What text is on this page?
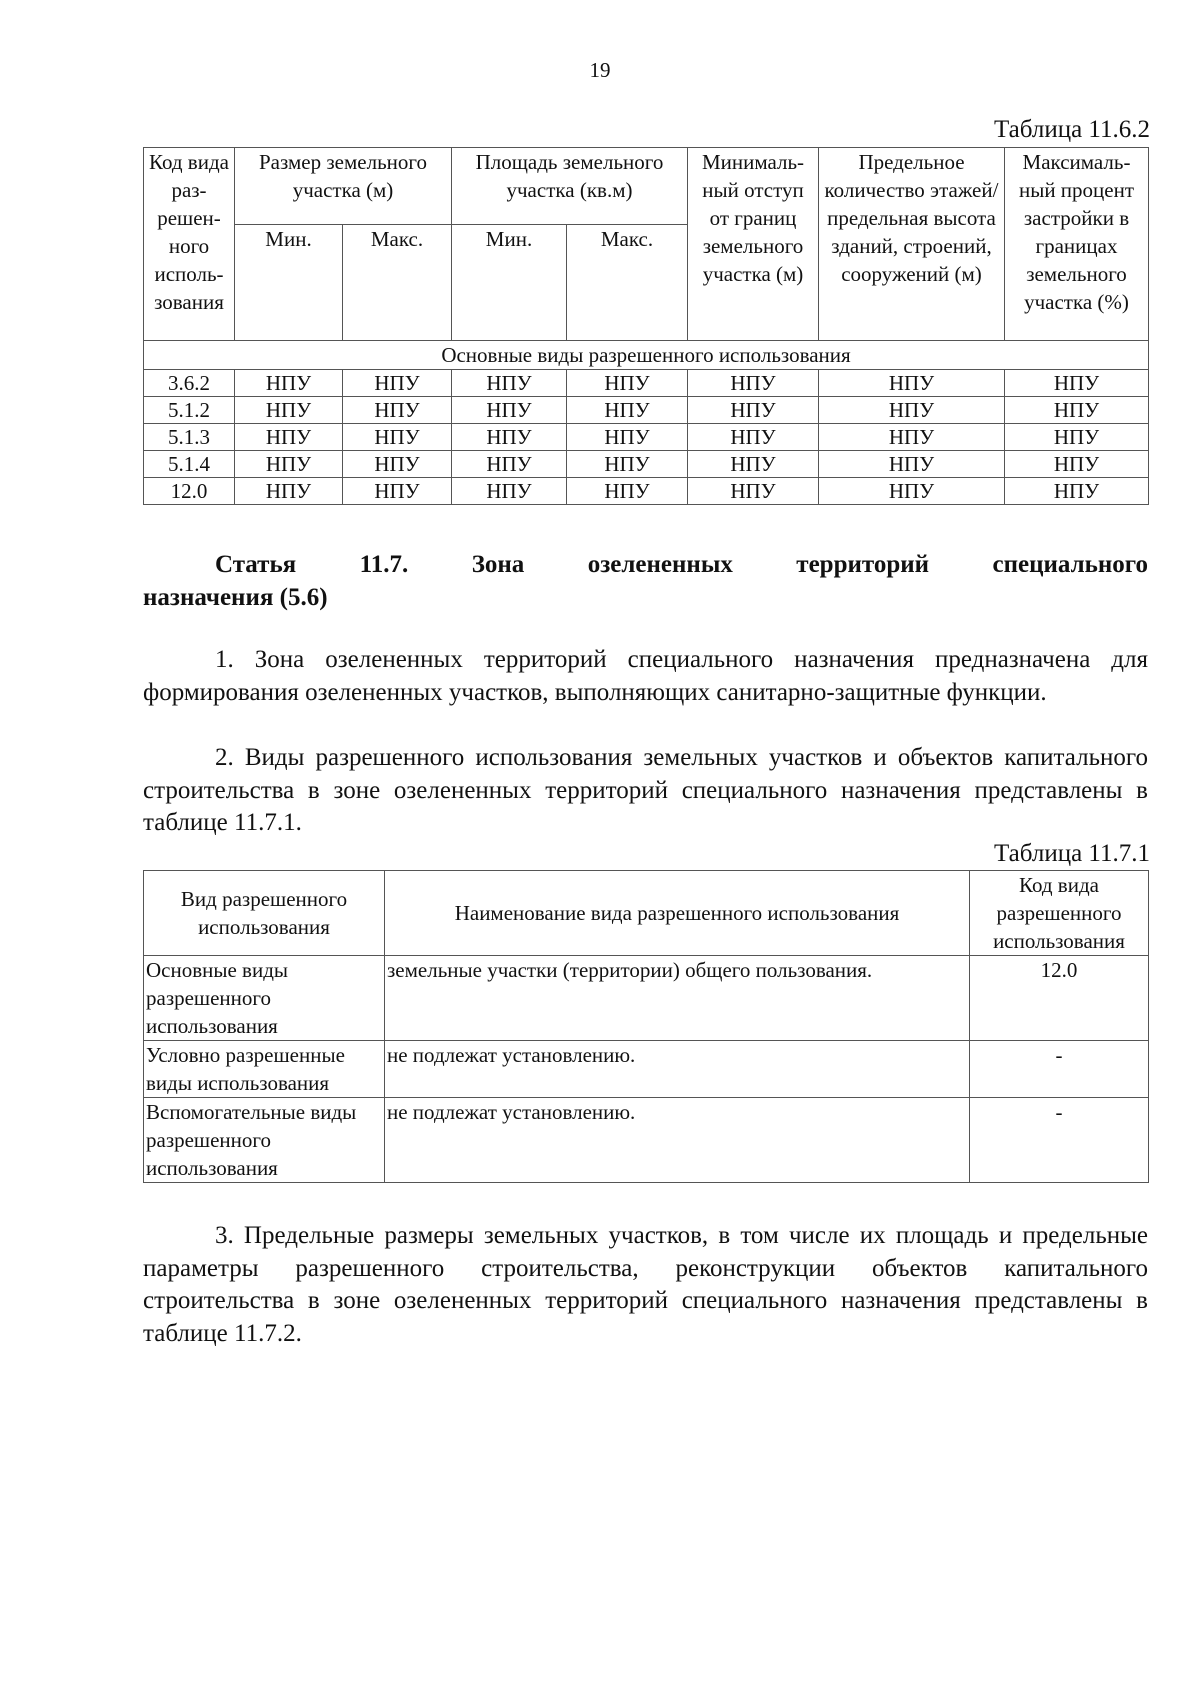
19
Таблица 11.6.2
Код вида раз-решен-ного исполь-зования	Размер земельного участка (м)		Площадь земельного участка (кв.м)		Минималь-ный отступ от границ земельного участка (м)	Предельное количество этажей/ предельная высота зданий, строений, сооружений (м)	Максималь-ный процент застройки в границах земельного участка (%)
	Мин.	Макс.	Мин.	Макс.			
Основные виды разрешенного использования							
3.6.2	НПУ	НПУ	НПУ	НПУ	НПУ	НПУ	НПУ
5.1.2	НПУ	НПУ	НПУ	НПУ	НПУ	НПУ	НПУ
5.1.3	НПУ	НПУ	НПУ	НПУ	НПУ	НПУ	НПУ
5.1.4	НПУ	НПУ	НПУ	НПУ	НПУ	НПУ	НПУ
12.0	НПУ	НПУ	НПУ	НПУ	НПУ	НПУ	НПУ
Статья 11.7. Зона озелененных территорий специального
назначения (5.6)

1. Зона озелененных территорий специального назначения предназначена для формирования озелененных участков, выполняющих санитарно-защитные функции.

2. Виды разрешенного использования земельных участков и объектов капитального строительства в зоне озелененных территорий специального назначения представлены в таблице 11.7.1.

Таблица 11.7.1
Вид разрешенного использования	Наименование вида разрешенного использования	Код вида разрешенного использования
Основные виды разрешенного использования	земельные участки (территории) общего пользования.	12.0
Условно разрешенные виды использования	не подлежат установлению.	-
Вспомогательные виды разрешенного использования	не подлежат установлению.	-

3. Предельные размеры земельных участков, в том числе их площадь и предельные параметры разрешенного строительства, реконструкции объектов капитального строительства в зоне озелененных территорий специального назначения представлены в таблице 11.7.2.
